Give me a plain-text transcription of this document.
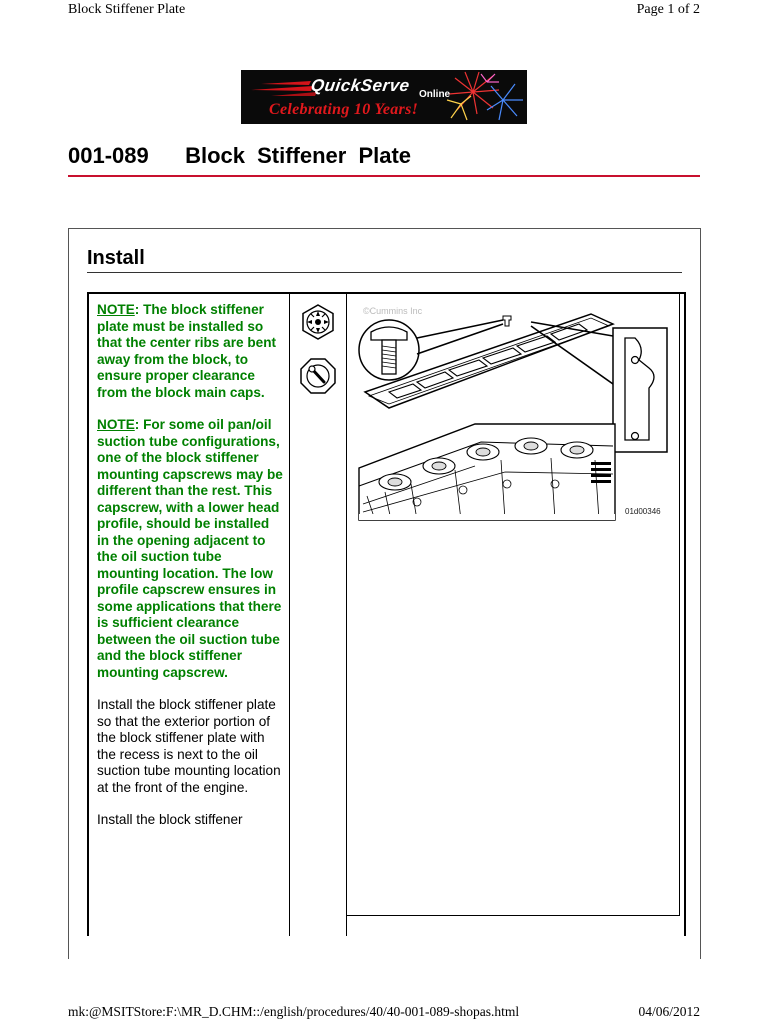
Block Stiffener Plate	Page 1 of 2
QuickServe Online
Celebrating 10 Years!
001-089   Block Stiffener Plate
Install

NOTE: The block stiffener plate must be installed so that the center ribs are bent away from the block, to ensure proper clearance from the block main caps.

NOTE: For some oil pan/oil suction tube configurations, one of the block stiffener mounting capscrews may be different than the rest. This capscrew, with a lower head profile, should be installed in the opening adjacent to the oil suction tube mounting location. The low profile capscrew ensures in some applications that there is sufficient clearance between the oil suction tube and the block stiffener mounting capscrew.

Install the block stiffener plate so that the exterior portion of the block stiffener plate with the recess is next to the oil suction tube mounting location at the front of the engine.

Install the block stiffener

©Cummins Inc
01d00346
mk:@MSITStore:F:\MR_D.CHM::/english/procedures/40/40-001-089-shopas.html	04/06/2012
